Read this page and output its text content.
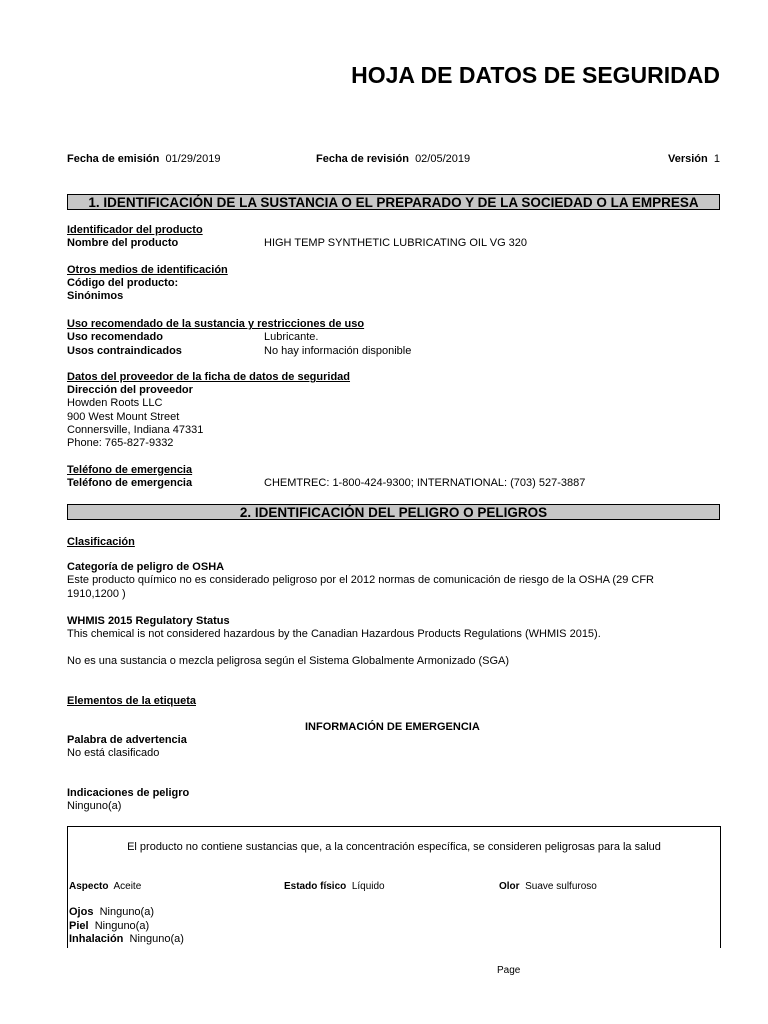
HOJA DE DATOS DE SEGURIDAD
Fecha de emisión 01/29/2019	Fecha de revisión 02/05/2019	Versión 1
1. IDENTIFICACIÓN DE LA SUSTANCIA O EL PREPARADO Y DE LA SOCIEDAD O LA EMPRESA
Identificador del producto
Nombre del producto	HIGH TEMP SYNTHETIC LUBRICATING OIL VG 320
Otros medios de identificación
Código del producto:
Sinónimos
Uso recomendado de la sustancia y restricciones de uso
Uso recomendado	Lubricante.
Usos contraindicados	No hay información disponible
Datos del proveedor de la ficha de datos de seguridad
Dirección del proveedor
Howden Roots LLC
900 West Mount Street
Connersville, Indiana 47331
Phone: 765-827-9332
Teléfono de emergencia
Teléfono de emergencia	CHEMTREC: 1-800-424-9300; INTERNATIONAL: (703) 527-3887
2. IDENTIFICACIÓN DEL PELIGRO O PELIGROS
Clasificación
Categoría de peligro de OSHA
Este producto químico no es considerado peligroso por el 2012 normas de comunicación de riesgo de la OSHA (29 CFR
1910,1200 )
WHMIS 2015 Regulatory Status
This chemical is not considered hazardous by the Canadian Hazardous Products Regulations (WHMIS 2015).
No es una sustancia o mezcla peligrosa según el Sistema Globalmente Armonizado (SGA)
Elementos de la etiqueta
INFORMACIÓN DE EMERGENCIA
Palabra de advertencia
No está clasificado
Indicaciones de peligro
Ninguno(a)
El producto no contiene sustancias que, a la concentración específica, se consideren peligrosas para la salud
Aspecto Aceite	Estado físico Líquido	Olor Suave sulfuroso
Ojos Ninguno(a)
Piel Ninguno(a)
Inhalación Ninguno(a)
Page
